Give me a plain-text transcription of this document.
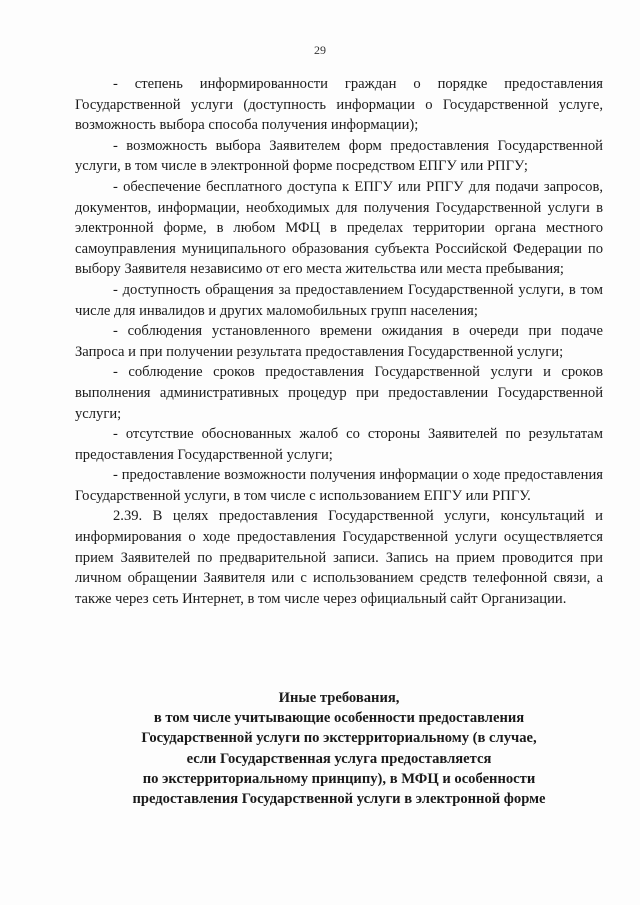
29

- степень информированности граждан о порядке предоставления Государственной услуги (доступность информации о Государственной услуге, возможность выбора способа получения информации);

- возможность выбора Заявителем форм предоставления Государственной услуги, в том числе в электронной форме посредством ЕПГУ или РПГУ;

- обеспечение бесплатного доступа к ЕПГУ или РПГУ для подачи запросов, документов, информации, необходимых для получения Государственной услуги в электронной форме, в любом МФЦ в пределах территории органа местного самоуправления муниципального образования субъекта Российской Федерации по выбору Заявителя независимо от его места жительства или места пребывания;

- доступность обращения за предоставлением Государственной услуги, в том числе для инвалидов и других маломобильных групп населения;

- соблюдения установленного времени ожидания в очереди при подаче Запроса и при получении результата предоставления Государственной услуги;

- соблюдение сроков предоставления Государственной услуги и сроков выполнения административных процедур при предоставлении Государственной услуги;

- отсутствие обоснованных жалоб со стороны Заявителей по результатам предоставления Государственной услуги;

- предоставление возможности получения информации о ходе предоставления Государственной услуги, в том числе с использованием ЕПГУ или РПГУ.

2.39. В целях предоставления Государственной услуги, консультаций и информирования о ходе предоставления Государственной услуги осуществляется прием Заявителей по предварительной записи. Запись на прием проводится при личном обращении Заявителя или с использованием средств телефонной связи, а также через сеть Интернет, в том числе через официальный сайт Организации.

Иные требования,
в том числе учитывающие особенности предоставления
Государственной услуги по экстерриториальному (в случае,
если Государственная услуга предоставляется
по экстерриториальному принципу), в МФЦ и особенности
предоставления Государственной услуги в электронной форме
